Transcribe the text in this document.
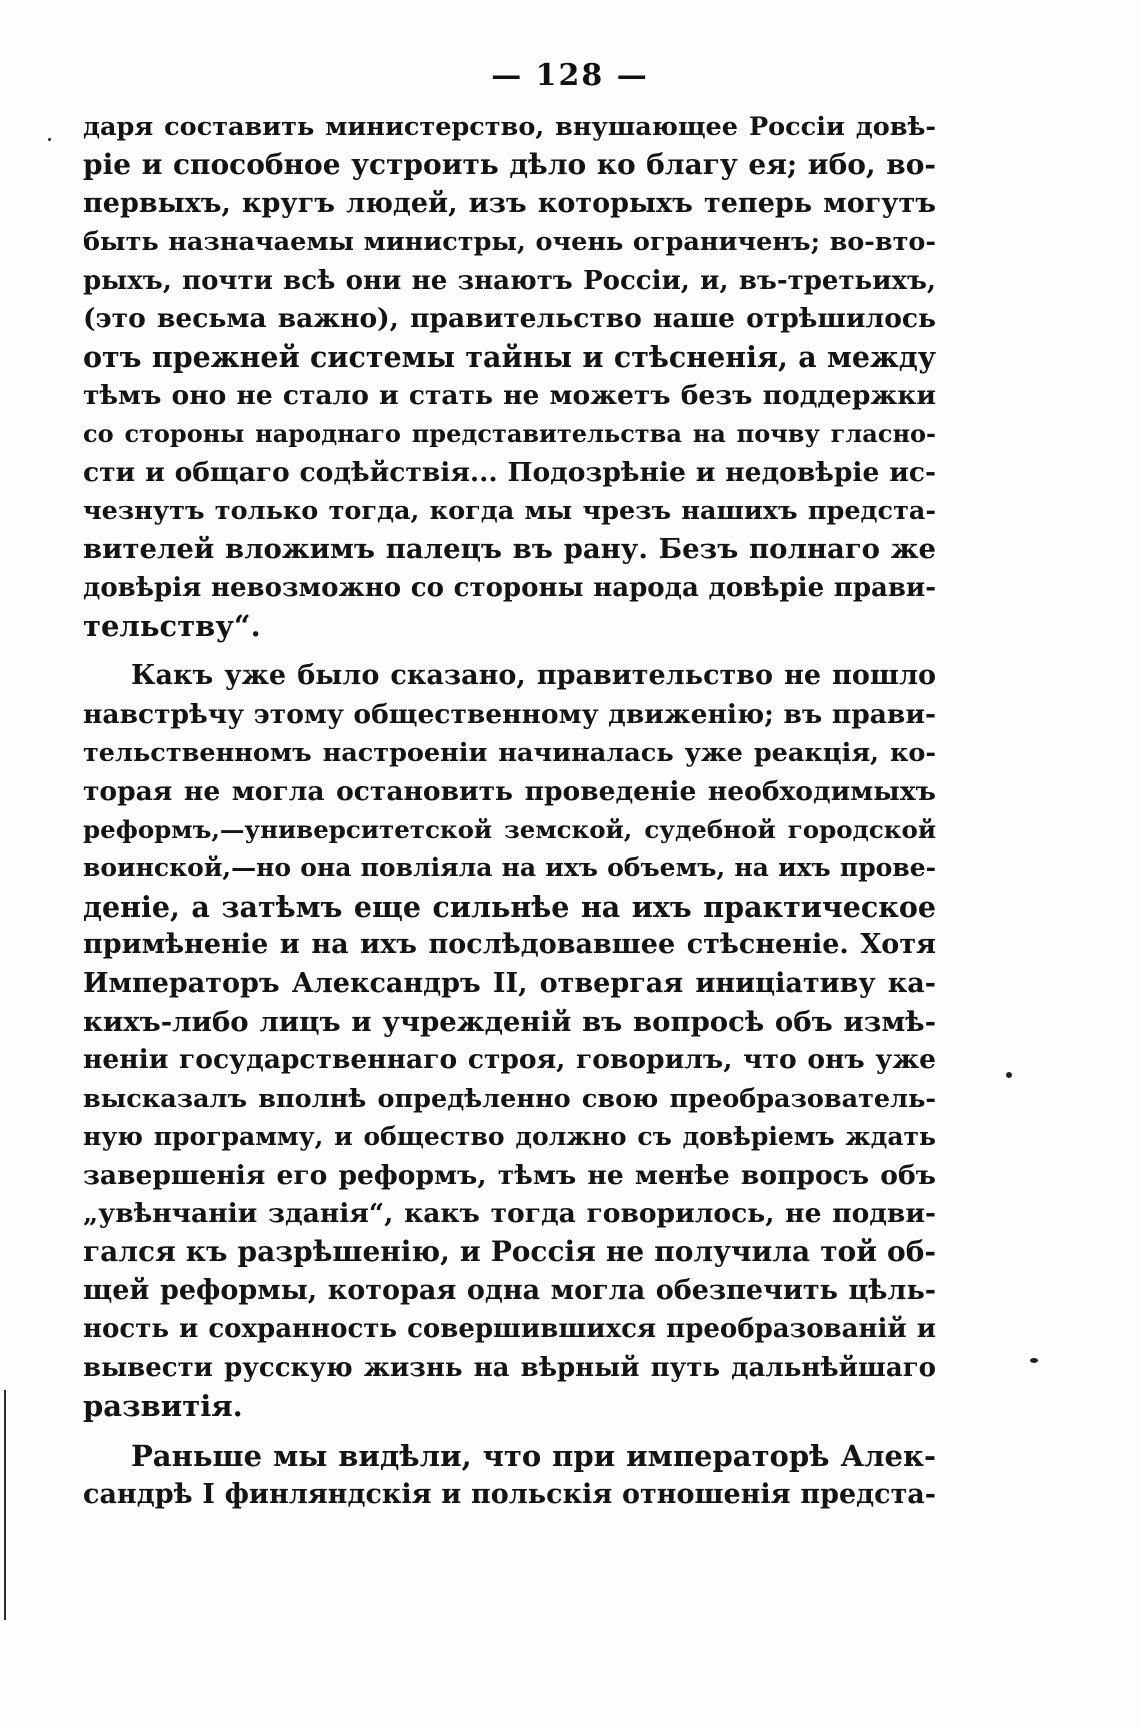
— 128 —
даря составить министерство, внушающее Россіи довѣ-
ріе и способное устроить дѣло ко благу ея; ибо, во-
первыхъ, кругъ людей, изъ которыхъ теперь могутъ
быть назначаемы министры, очень ограниченъ; во-вто-
рыхъ, почти всѣ они не знаютъ Россіи, и, въ-третьихъ,
(это весьма важно), правительство наше отрѣшилось
отъ прежней системы тайны и стѣсненія, а между
тѣмъ оно не стало и стать не можетъ безъ поддержки
со стороны народнаго представительства на почву гласно-
сти и общаго содѣйствія... Подозрѣніе и недовѣріе ис-
чезнутъ только тогда, когда мы чрезъ нашихъ предста-
вителей вложимъ палецъ въ рану. Безъ полнаго же
довѣрія невозможно со стороны народа довѣріе прави-
тельству“.
Какъ уже было сказано, правительство не пошло
навстрѣчу этому общественному движенію; въ прави-
тельственномъ настроеніи начиналась уже реакція, ко-
торая не могла остановить проведеніе необходимыхъ
реформъ,—университетской земской, судебной городской
воинской,—но она повліяла на ихъ объемъ, на ихъ прове-
деніе, а затѣмъ еще сильнѣе на ихъ практическое
примѣненіе и на ихъ послѣдовавшее стѣсненіе. Хотя
Императоръ Александръ II, отвергая иниціативу ка-
кихъ-либо лицъ и учрежденій въ вопросѣ объ измѣ-
неніи государственнаго строя, говорилъ, что онъ уже
высказалъ вполнѣ опредѣленно свою преобразователь-
ную программу, и общество должно съ довѣріемъ ждать
завершенія его реформъ, тѣмъ не менѣе вопросъ объ
„увѣнчаніи зданія“, какъ тогда говорилось, не подви-
гался къ разрѣшенію, и Россія не получила той об-
щей реформы, которая одна могла обезпечить цѣль-
ность и сохранность совершившихся преобразованій и
вывести русскую жизнь на вѣрный путь дальнѣйшаго
развитія.
Раньше мы видѣли, что при императорѣ Алек-
сандрѣ I финляндскія и польскія отношенія предста-
